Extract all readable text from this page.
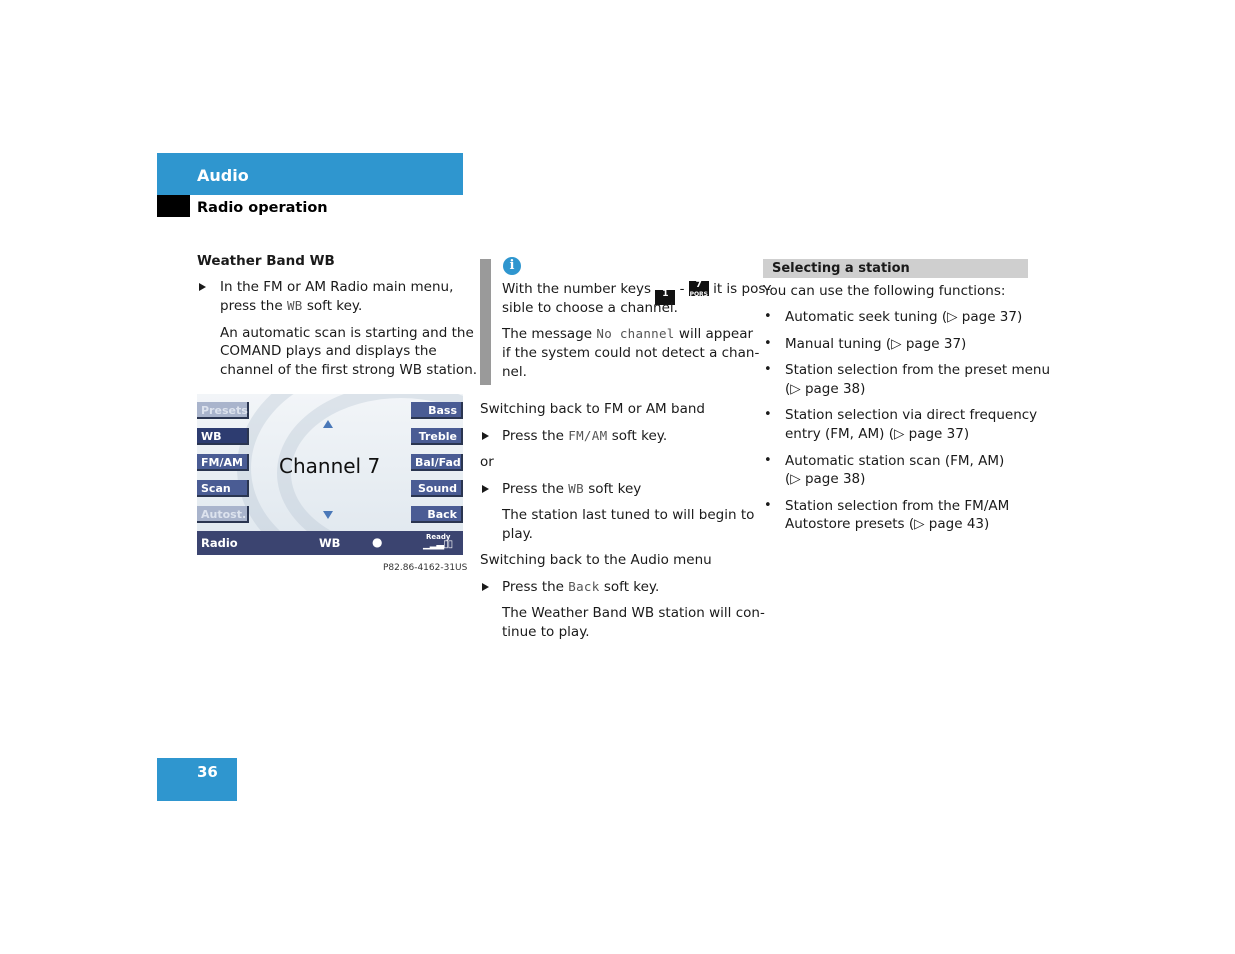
Audio
Radio operation
Weather Band WB
In the FM or AM Radio main menu,
press the WB soft key.
An automatic scan is starting and the
COMAND plays and displays the
channel of the first strong WB station.
Presets
WB
FM/AM
Scan
Autost.
Bass
Treble
Bal/Fad
Sound
Back
Channel 7
Radio	WB	●	Ready
▁▂▃▯▯
P82.86-4162-31US
i
With the number keys 1 - 7
PQRS it is pos-
sible to choose a channel.
The message No channel will appear
if the system could not detect a chan-
nel.
Switching back to FM or AM band
Press the FM/AM soft key.
or
Press the WB soft key
The station last tuned to will begin to
play.
Switching back to the Audio menu
Press the Back soft key.
The Weather Band WB station will con-
tinue to play.
Selecting a station
You can use the following functions:
• Automatic seek tuning (▷ page 37)
• Manual tuning (▷ page 37)
• Station selection from the preset menu
(▷ page 38)
• Station selection via direct frequency
entry (FM, AM) (▷ page 37)
• Automatic station scan (FM, AM)
(▷ page 38)
• Station selection from the FM/AM
Autostore presets (▷ page 43)
36
